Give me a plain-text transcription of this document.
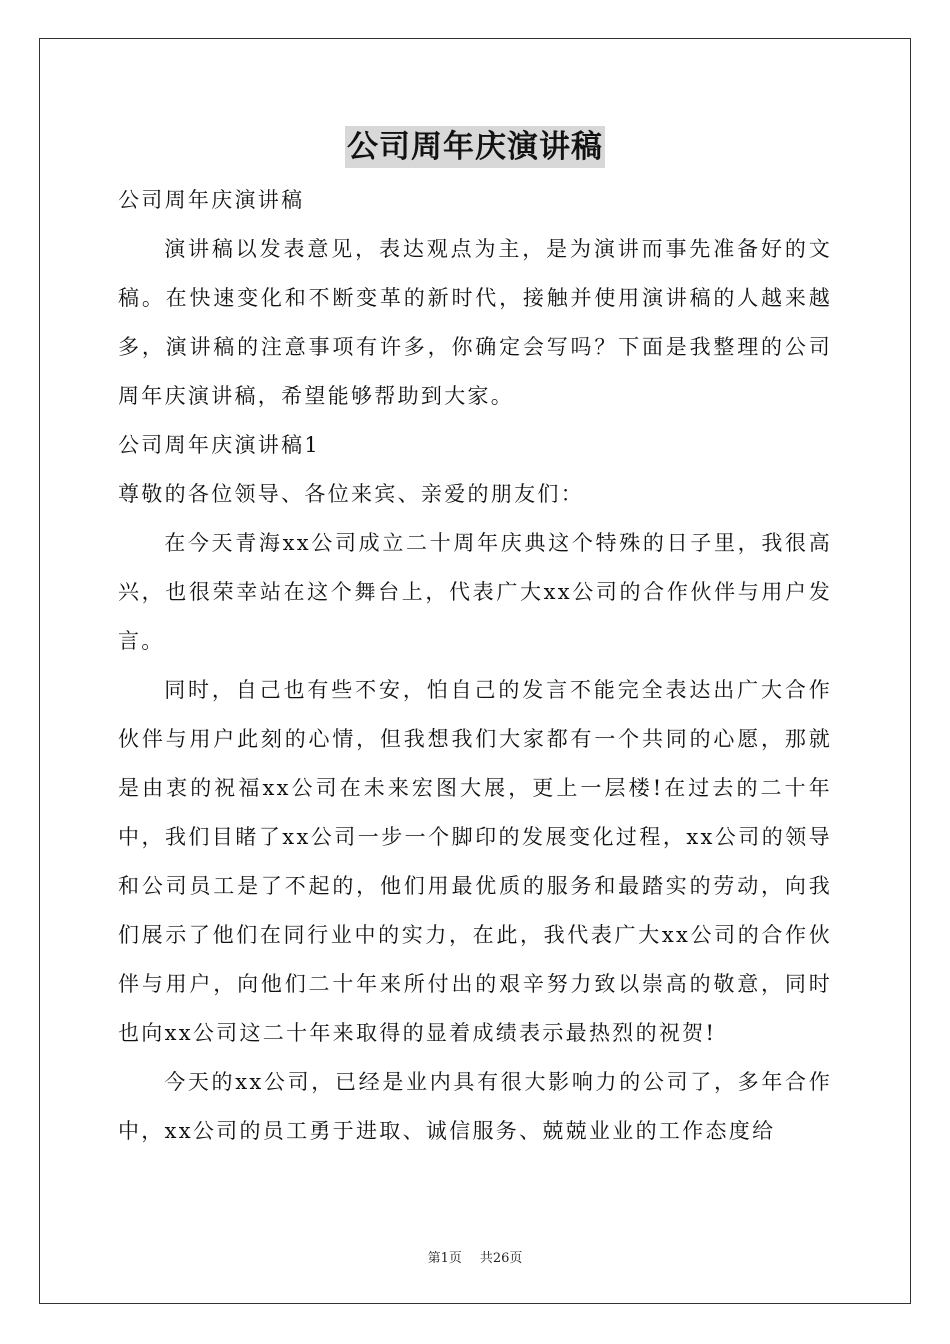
公司周年庆演讲稿

公司周年庆演讲稿

演讲稿以发表意见，表达观点为主，是为演讲而事先准备好的文稿。在快速变化和不断变革的新时代，接触并使用演讲稿的人越来越多，演讲稿的注意事项有许多，你确定会写吗？下面是我整理的公司周年庆演讲稿，希望能够帮助到大家。

公司周年庆演讲稿1

尊敬的各位领导、各位来宾、亲爱的朋友们：

在今天青海xx公司成立二十周年庆典这个特殊的日子里，我很高兴，也很荣幸站在这个舞台上，代表广大xx公司的合作伙伴与用户发言。

同时，自己也有些不安，怕自己的发言不能完全表达出广大合作伙伴与用户此刻的心情，但我想我们大家都有一个共同的心愿，那就是由衷的祝福xx公司在未来宏图大展，更上一层楼!在过去的二十年中，我们目睹了xx公司一步一个脚印的发展变化过程，xx公司的领导和公司员工是了不起的，他们用最优质的服务和最踏实的劳动，向我们展示了他们在同行业中的实力，在此，我代表广大xx公司的合作伙伴与用户，向他们二十年来所付出的艰辛努力致以崇高的敬意，同时也向xx公司这二十年来取得的显着成绩表示最热烈的祝贺!

今天的xx公司，已经是业内具有很大影响力的公司了，多年合作中，xx公司的员工勇于进取、诚信服务、兢兢业业的工作态度给

第1页 共26页
